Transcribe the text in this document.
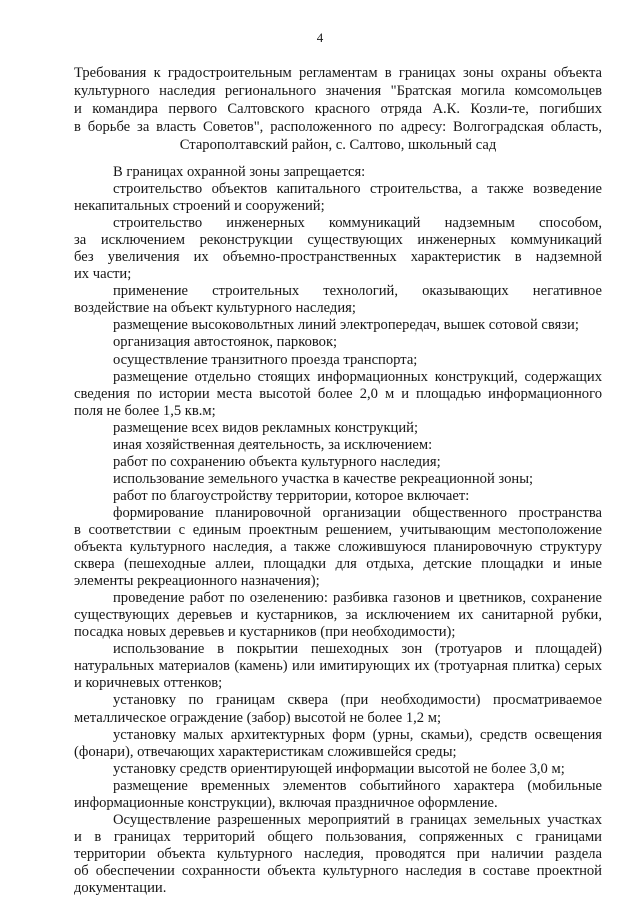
4
Требования к градостроительным регламентам в границах зоны охраны объекта
культурного наследия регионального значения "Братская могила комсомольцев
и командира первого Салтовского красного отряда А.К. Козли-те, погибших
в борьбе за власть Советов", расположенного по адресу: Волгоградская область,
Старополтавский район, с. Салтово, школьный сад
В границах охранной зоны запрещается:
строительство объектов капитального строительства, а также возведение
некапитальных строений и сооружений;
строительство инженерных коммуникаций надземным способом,
за исключением реконструкции существующих инженерных коммуникаций
без увеличения их объемно-пространственных характеристик в надземной
их части;
применение строительных технологий, оказывающих негативное
воздействие на объект культурного наследия;
размещение высоковольтных линий электропередач, вышек сотовой связи;
организация автостоянок, парковок;
осуществление транзитного проезда транспорта;
размещение отдельно стоящих информационных конструкций, содержащих
сведения по истории места высотой более 2,0 м и площадью информационного
поля не более 1,5 кв.м;
размещение всех видов рекламных конструкций;
иная хозяйственная деятельность, за исключением:
работ по сохранению объекта культурного наследия;
использование земельного участка в качестве рекреационной зоны;
работ по благоустройству территории, которое включает:
формирование планировочной организации общественного пространства
в соответствии с единым проектным решением, учитывающим местоположение
объекта культурного наследия, а также сложившуюся планировочную структуру
сквера (пешеходные аллеи, площадки для отдыха, детские площадки и иные
элементы рекреационного назначения);
проведение работ по озеленению: разбивка газонов и цветников, сохранение
существующих деревьев и кустарников, за исключением их санитарной рубки,
посадка новых деревьев и кустарников (при необходимости);
использование в покрытии пешеходных зон (тротуаров и площадей)
натуральных материалов (камень) или имитирующих их (тротуарная плитка) серых
и коричневых оттенков;
установку по границам сквера (при необходимости) просматриваемое
металлическое ограждение (забор) высотой не более 1,2 м;
установку малых архитектурных форм (урны, скамьи), средств освещения
(фонари), отвечающих характеристикам сложившейся среды;
установку средств ориентирующей информации высотой не более 3,0 м;
размещение временных элементов событийного характера (мобильные
информационные конструкции), включая праздничное оформление.
Осуществление разрешенных мероприятий в границах земельных участках
и в границах территорий общего пользования, сопряженных с границами
территории объекта культурного наследия, проводятся при наличии раздела
об обеспечении сохранности объекта культурного наследия в составе проектной
документации.
